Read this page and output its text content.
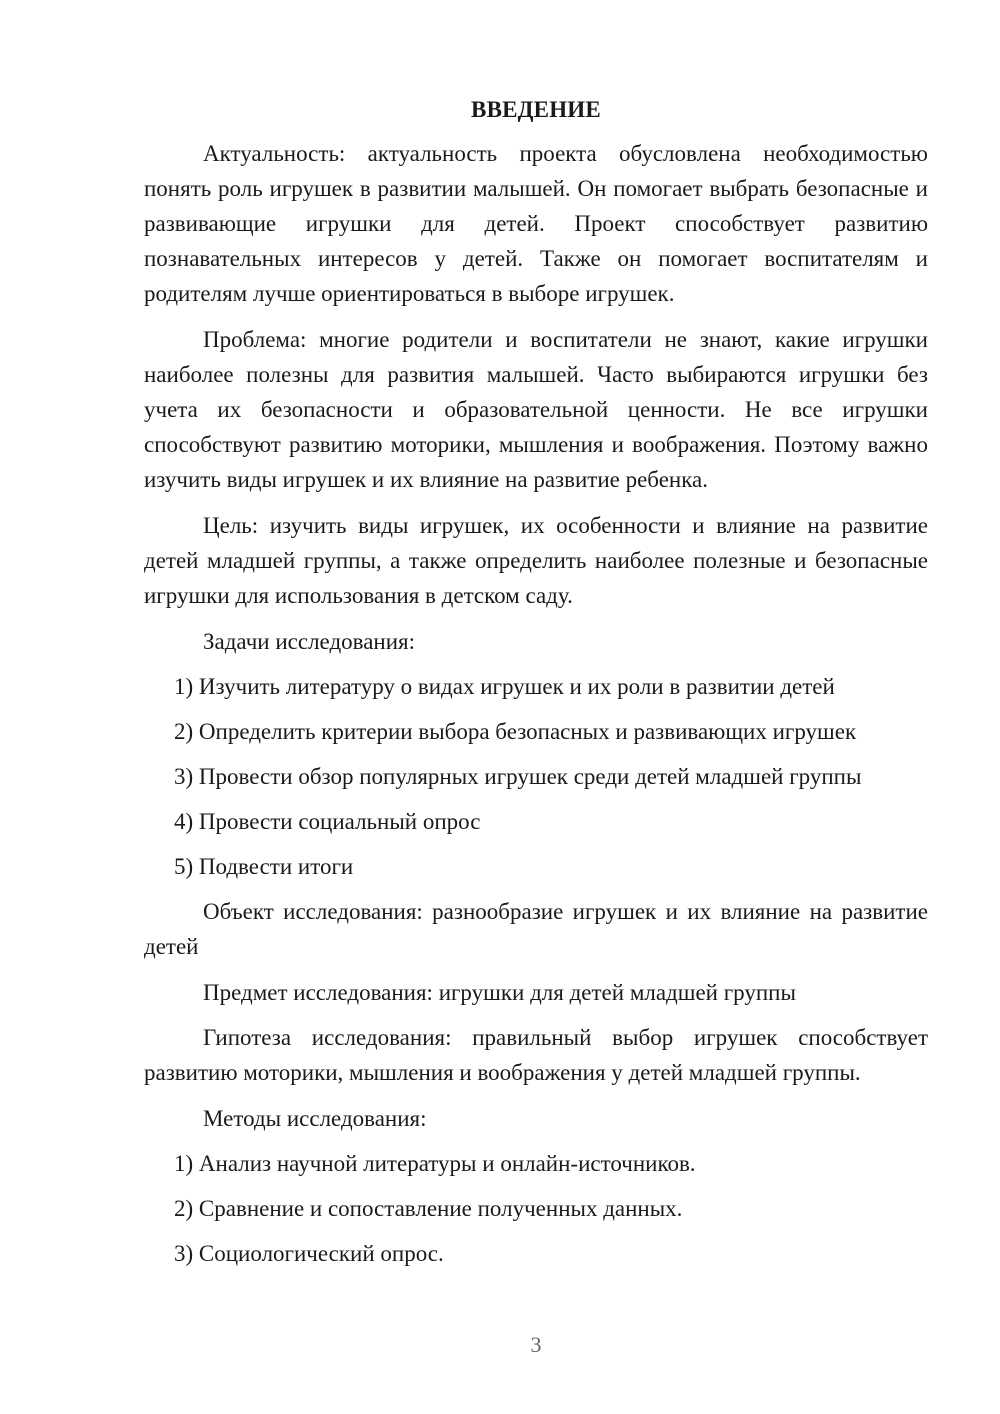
ВВЕДЕНИЕ

Актуальность: актуальность проекта обусловлена необходимостью понять роль игрушек в развитии малышей. Он помогает выбрать безопасные и развивающие игрушки для детей. Проект способствует развитию познавательных интересов у детей. Также он помогает воспитателям и родителям лучше ориентироваться в выборе игрушек.

Проблема: многие родители и воспитатели не знают, какие игрушки наиболее полезны для развития малышей. Часто выбираются игрушки без учета их безопасности и образовательной ценности. Не все игрушки способствуют развитию моторики, мышления и воображения. Поэтому важно изучить виды игрушек и их влияние на развитие ребенка.

Цель: изучить виды игрушек, их особенности и влияние на развитие детей младшей группы, а также определить наиболее полезные и безопасные игрушки для использования в детском саду.

Задачи исследования:

1) Изучить литературу о видах игрушек и их роли в развитии детей
2) Определить критерии выбора безопасных и развивающих игрушек
3) Провести обзор популярных игрушек среди детей младшей группы
4) Провести социальный опрос
5) Подвести итоги

Объект исследования: разнообразие игрушек и их влияние на развитие детей

Предмет исследования: игрушки для детей младшей группы

Гипотеза исследования: правильный выбор игрушек способствует развитию моторики, мышления и воображения у детей младшей группы.

Методы исследования:

1) Анализ научной литературы и онлайн-источников.
2) Сравнение и сопоставление полученных данных.
3) Социологический опрос.
3
